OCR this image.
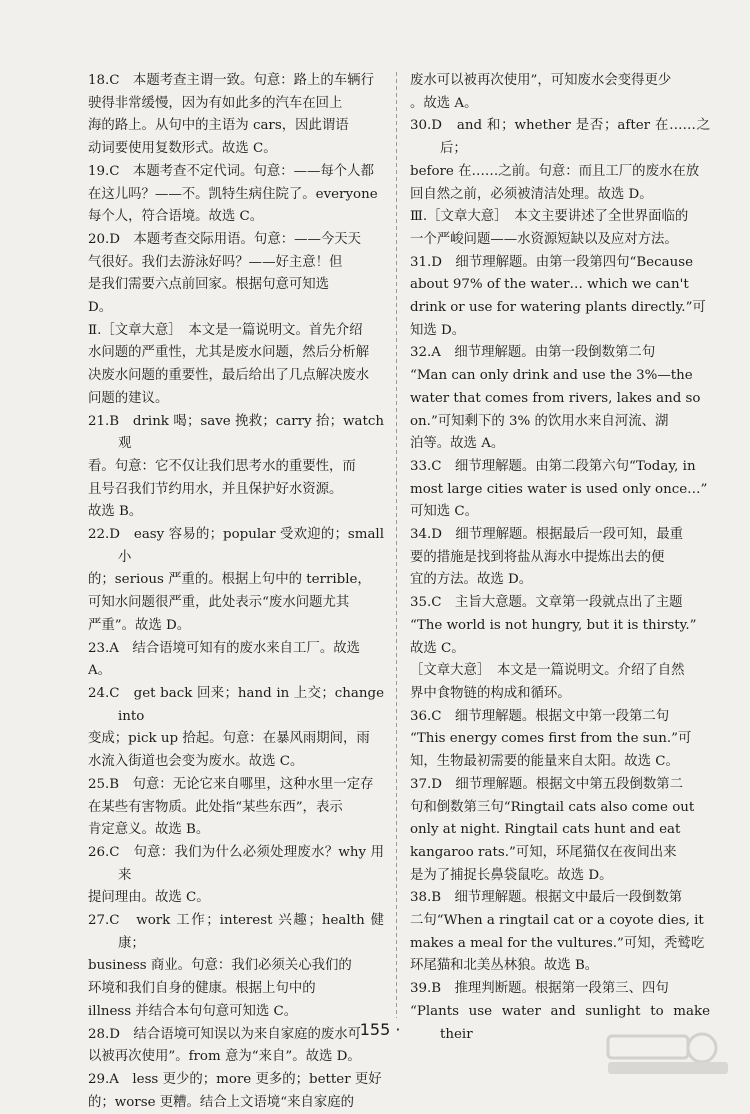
18.C　本题考查主谓一致。句意：路上的车辆行
驶得非常缓慢，因为有如此多的汽车在回上
海的路上。从句中的主语为 cars，因此谓语
动词要使用复数形式。故选 C。
19.C　本题考查不定代词。句意：——每个人都
在这儿吗？——不。凯特生病住院了。everyone
每个人，符合语境。故选 C。
20.D　本题考查交际用语。句意：——今天天
气很好。我们去游泳好吗？——好主意！但
是我们需要六点前回家。根据句意可知选
D。
Ⅱ.［文章大意］　本文是一篇说明文。首先介绍
水问题的严重性，尤其是废水问题，然后分析解
决废水问题的重要性，最后给出了几点解决废水
问题的建议。
21.B　drink 喝；save 挽救；carry 抬；watch 观
看。句意：它不仅让我们思考水的重要性，而
且号召我们节约用水，并且保护好水资源。
故选 B。
22.D　easy 容易的；popular 受欢迎的；small 小
的；serious 严重的。根据上句中的 terrible，
可知水问题很严重，此处表示“废水问题尤其
严重”。故选 D。
23.A　结合语境可知有的废水来自工厂。故选
A。
24.C　get back 回来；hand in 上交；change into
变成；pick up 拾起。句意：在暴风雨期间，雨
水流入街道也会变为废水。故选 C。
25.B　句意：无论它来自哪里，这种水里一定存
在某些有害物质。此处指“某些东西”，表示
肯定意义。故选 B。
26.C　句意：我们为什么必须处理废水？why 用来
提问理由。故选 C。
27.C　work 工作；interest 兴趣；health 健康；
business 商业。句意：我们必须关心我们的
环境和我们自身的健康。根据上句中的
illness 并结合本句句意可知选 C。
28.D　结合语境可知误以为来自家庭的废水可
以被再次使用”。from 意为“来自”。故选 D。
29.A　less 更少的；more 更多的；better 更好
的；worse 更糟。结合上文语境“来自家庭的
废水可以被再次使用”，可知废水会变得更少
。故选 A。
30.D　and 和；whether 是否；after 在……之后；
before 在……之前。句意：而且工厂的废水在放
回自然之前，必须被清洁处理。故选 D。
Ⅲ.［文章大意］　本文主要讲述了全世界面临的
一个严峻问题——水资源短缺以及应对方法。
31.D　细节理解题。由第一段第四句“Because
about 97% of the water… which we can't
drink or use for watering plants directly.”可
知选 D。
32.A　细节理解题。由第一段倒数第二句
“Man can only drink and use the 3%—the
water that comes from rivers, lakes and so
on.”可知剩下的 3% 的饮用水来自河流、湖
泊等。故选 A。
33.C　细节理解题。由第二段第六句“Today, in
most large cities water is used only once…”
可知选 C。
34.D　细节理解题。根据最后一段可知，最重
要的措施是找到将盐从海水中提炼出去的便
宜的方法。故选 D。
35.C　主旨大意题。文章第一段就点出了主题
“The world is not hungry, but it is thirsty.”
故选 C。
［文章大意］　本文是一篇说明文。介绍了自然
界中食物链的构成和循环。
36.C　细节理解题。根据文中第一段第二句
“This energy comes first from the sun.”可
知，生物最初需要的能量来自太阳。故选 C。
37.D　细节理解题。根据文中第五段倒数第二
句和倒数第三句“Ringtail cats also come out
only at night. Ringtail cats hunt and eat
kangaroo rats.”可知，环尾猫仅在夜间出来
是为了捕捉长鼻袋鼠吃。故选 D。
38.B　细节理解题。根据文中最后一段倒数第
二句“When a ringtail cat or a coyote dies, it
makes a meal for the vultures.”可知，秃鹫吃
环尾猫和北美丛林狼。故选 B。
39.B　推理判断题。根据第一段第三、四句
“Plants use water and sunlight to make their
· 155 ·
